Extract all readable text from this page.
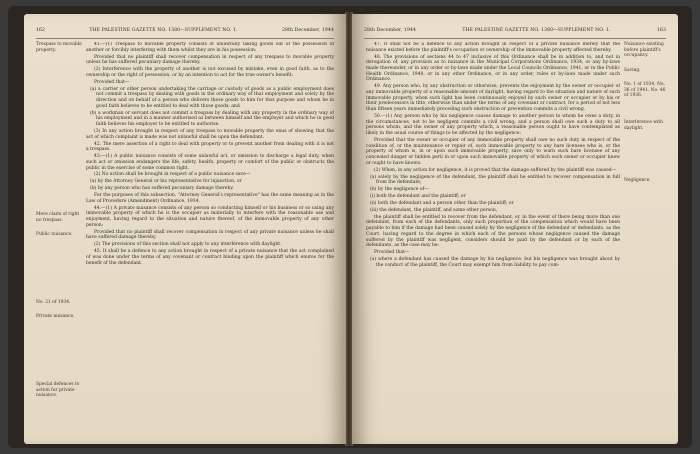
162	THE PALESTINE GAZETTE NO. 1380—SUPPLEMENT NO. 1.	28th December, 1944
Trespass to movable property.
Mere claim of right no trespass.
Public nuisance.
No. 21 of 1934.
Private nuisance.
Special defences to action for private nuisance.

41.—(1) Trespass to movable property consists of unlawfully taking goods out of the possession of another or forcibly interfering with them whilst they are in his possession:

Provided that no plaintiff shall recover compensation in respect of any trespass to movable property unless he has suffered pecuniary damage thereby.

(2) Interference with the property of another is not excused by mistake, even in good faith, as to the ownership or the right of possession, or by an intention to act for the true owner's benefit:

Provided that—

(a) a carrier or other person undertaking the carriage or custody of goods as a public employment does not commit a trespass by dealing with goods in the ordinary way of that employment and solely by the direction and on behalf of a person who delivers those goods to him for that purpose and whom he in good faith believes to be entitled to deal with those goods; and

(b) a workman or servant does not commit a trespass by dealing with any property in the ordinary way of his employment and in a manner authorised as between himself and the employer and which he in good faith believes his employer to be entitled to authorise.

(3) In any action brought in respect of any trespass to movable property the onus of showing that the act of which complaint is made was not unlawful shall be upon the defendant.

42. The mere assertion of a right to deal with property or to prevent another from dealing with it is not a trespass.

43.—(1) A public nuisance consists of some unlawful act, or omission to discharge a legal duty, when such act or omission endangers the life, safety, health, property or comfort of the public or obstructs the public in the exercise of some common right.

(2) No action shall be brought in respect of a public nuisance save—

(a) by the Attorney General or his representative for injunction, or

(b) by any person who has suffered pecuniary damage thereby.

For the purposes of this subsection, "Attorney General's representative" has the same meaning as in the Law of Procedure (Amendment) Ordinance, 1934.

44.—(1) A private nuisance consists of any person so conducting himself or his business or so using any immovable property of which he is the occupier as materially to interfere with the reasonable use and enjoyment, having regard to the situation and nature thereof, of the immovable property of any other person:

Provided that no plaintiff shall recover compensation in respect of any private nuisance unless he shall have suffered damage thereby.

(2) The provisions of this section shall not apply to any interference with daylight.

45. It shall be a defence to any action brought in respect of a private nuisance that the act complained of was done under the terms of any covenant or contract binding upon the plaintiff which enures for the benefit of the defendant.

28th December, 1944	THE PALESTINE GAZETTE NO. 1380—SUPPLEMENT NO. 1.	163
Nuisance existing before plaintiff's occupancy.
Saving.
No. 1 of 1934. No. 36 of 1941. No. 46 of 1936.
Interference with daylight.
Negligence.

47. It shall not be a defence to any action brought in respect of a private nuisance merely that the nuisance existed before the plaintiff's occupation or ownership of the immovable property affected thereby.

48. The provisions of sections 44 to 47 inclusive of this Ordinance shall be in addition to, and not in derogation of, any provision as to nuisance in the Municipal Corporations Ordinance, 1934, or any by-laws made thereunder, or in any order or by-laws made under the Local Councils Ordinance, 1941, or in the Public Health Ordinance, 1940, or in any other Ordinance, or in any order, rules or by-laws made under such Ordinance.

49. Any person who, by any obstruction or otherwise, prevents the enjoyment by the owner or occupier of any immovable property of a reasonable amount of daylight, having regard to the situation and nature of such immovable property, when such light has been continuously enjoyed by such owner or occupier or by his or their predecessors in title, otherwise than under the terms of any covenant or contract, for a period of not less than fifteen years immediately preceding such obstruction or prevention commits a civil wrong.

50.—(1) Any person who by his negligence causes damage to another person to whom he owes a duty, in the circumstances, not to be negligent commits a civil wrong; and a person shall owe such a duty to all persons whom, and the owner of any property which, a reasonable person ought to have contemplated as likely in the usual course of things to be affected by the negligence:

Provided that the owner or occupier of any immovable property shall owe no such duty in respect of the condition of, or the maintenance or repair of, such immovable property to any bare licensee who is, or the property of whom is, in or upon such immovable property, save only to warn such bare licensee of any concealed danger or hidden peril in or upon such immovable property of which such owner or occupier knew or ought to have known.

(2) When, in any action for negligence, it is proved that the damage suffered by the plaintiff was caused—

(a) solely by the negligence of the defendant, the plaintiff shall be entitled to recover compensation in full from the defendant;

(b) by the negligence of—

(i) both the defendant and the plaintiff; or

(ii) both the defendant and a person other than the plaintiff; or

(iii) the defendant, the plaintiff, and some other person,

the plaintiff shall be entitled to recover from the defendant, or, in the event of there being more than one defendant, from each of the defendants, only such proportion of the compensation which would have been payable to him if the damage had been caused solely by the negligence of the defendant or defendants, as the Court, having regard to the degree in which each of the persons whose negligence caused the damage suffered by the plaintiff was negligent, considers should be paid by the defendant or by each of the defendants, as the case may be:

Provided that—

(a) where a defendant has caused the damage by his negligence, but his negligence was brought about by the conduct of the plaintiff, the Court may exempt him from liability to pay com-
